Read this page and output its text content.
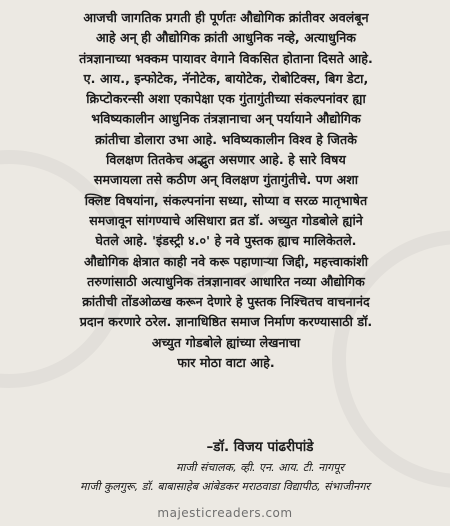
आजची जागतिक प्रगती ही पूर्णतः औद्योगिक क्रांतीवर अवलंबून
आहे अन् ही औद्योगिक क्रांती आधुनिक नव्हे, अत्याधुनिक
तंत्रज्ञानाच्या भक्कम पायावर वेगाने विकसित होताना दिसते आहे.
ए. आय., इन्फोटेक, नॅनोटेक, बायोटेक, रोबोटिक्स, बिग डेटा,
क्रिप्टोकरन्सी अशा एकापेक्षा एक गुंतागुंतीच्या संकल्पनांवर ह्या
भविष्यकालीन आधुनिक तंत्रज्ञानाचा अन् पर्यायाने औद्योगिक
क्रांतीचा डोलारा उभा आहे. भविष्यकालीन विश्व हे जितके
विलक्षण तितकेच अद्भुत असणार आहे. हे सारे विषय
समजायला तसे कठीण अन् विलक्षण गुंतागुंतीचे. पण अशा
क्लिष्ट विषयांना, संकल्पनांना सध्या, सोप्या व सरळ मातृभाषेत
समजावून सांगण्याचे असिधारा व्रत डॉ. अच्युत गोडबोले ह्यांने
घेतले आहे. 'इंडस्ट्री ४.०' हे नवे पुस्तक ह्याच मालिकेतले.
औद्योगिक क्षेत्रात काही नवे करू पहाणाऱ्या जिद्दी, महत्त्वाकांशी
तरुणांसाठी अत्याधुनिक तंत्रज्ञानावर आधारित नव्या औद्योगिक
क्रांतीची तोंडओळख करून देणारे हे पुस्तक निश्चितच वाचनानंद
प्रदान करणारे ठरेल. ज्ञानाधिष्ठित समाज निर्माण करण्यासाठी डॉ.
अच्युत गोडबोले ह्यांच्या लेखनाचा
फार मोठा वाटा आहे.

–डॉ. विजय पांढरीपांडे
माजी संचालक, व्ही. एन. आय. टी. नागपूर
माजी कुलगुरू, डॉ. बाबासाहेब आंबेडकर मराठवाडा विद्यापीठ, संभाजीनगर
majesticreaders.com
